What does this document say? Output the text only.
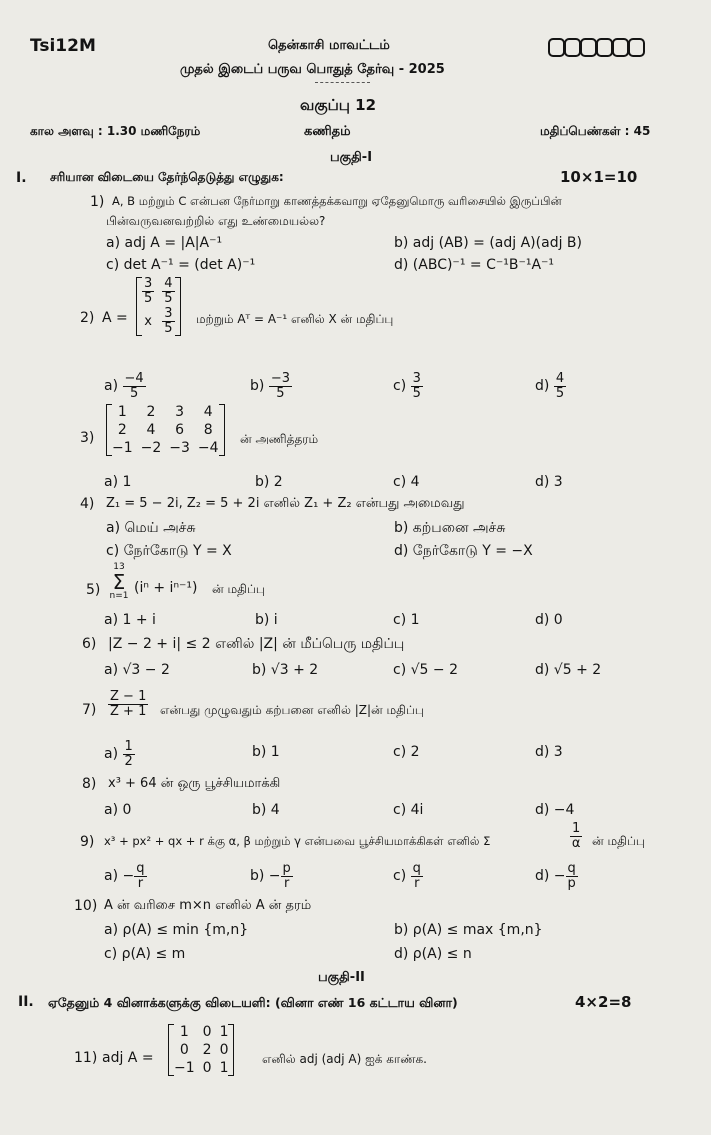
Tsi12M	தென்காசி மாவட்டம்
முதல் இடைப் பருவ பொதுத் தேர்வு - 2025
வகுப்பு 12
கால அளவு : 1.30 மணிநேரம்	கணிதம்	மதிப்பெண்கள் : 45
பகுதி-I
I. சரியான விடையை தேர்ந்தெடுத்து எழுதுக:	10×1=10
1) A, B மற்றும் C என்பன நேர்மாறு காணத்தக்கவாறு ஏதேனுமொரு வரிசையில் இருப்பின்
பின்வருவனவற்றில் எது உண்மையல்ல?
a) adj A = |A|A⁻¹	b) adj (AB) = (adj A)(adj B)
c) det A⁻¹ = (det A)⁻¹	d) (ABC)⁻¹ = C⁻¹B⁻¹A⁻¹
2) A =
$\frac{3}{5} \frac{4}{5}$
x $\frac{3}{5}$ மற்றும் Aᵀ = A⁻¹ எனில் X ன் மதிப்பு
$a) \frac{-4}{5}$	$b) \frac{-3}{5}$	$c) \frac{3}{5}$	$d) \frac{4}{5}$
3)
1	2	3	4
2	4	6	8
−1 −2 −3 −4
ன் அணித்தரம்
a) 1	b) 2	c) 4	d) 3
4) Z₁ = 5 − 2i, Z₂ = 5 + 2i எனில் Z₁ + Z₂ என்பது அமைவது
a) மெய் அச்சு	b) கற்பனை அச்சு
c) நேர்கோடு Y = X	d) நேர்கோடு Y = −X
5)
13
Σ
n=1 (iⁿ + iⁿ⁻¹) ன் மதிப்பு
a) 1 + i	b) i	c) 1	d) 0
6) |Z − 2 + i| ≤ 2 எனில் |Z| ன் மீப்பெரு மதிப்பு
a) √3 − 2	b) √3 + 2	c) √5 − 2	d) √5 + 2
$7) \frac{Z - 1}{Z + 1}$ என்பது முழுவதும் கற்பனை எனில் |Z|ன் மதிப்பு
$a) \frac{1}{2}$	b) 1	c) 2	d) 3
8) x³ + 64 ன் ஒரு பூச்சியமாக்கி
a) 0	b) 4	c) 4i	d) −4
9) x³ + px² + qx + r க்கு α, β மற்றும் γ என்பவை பூச்சியமாக்கிகள் எனில் Σ	$\frac{1}{\alpha}$ ன் மதிப்பு
$a) - \frac{q}{r}$	$b) - \frac{p}{r}$	$c) \frac{q}{r}$	$d) - \frac{q}{p}$
10) A ன் வரிசை m×n எனில் A ன் தரம்
a) ρ(A) ≤ min {m,n}	b) ρ(A) ≤ max {m,n}
c) ρ(A) ≤ m	d) ρ(A) ≤ n
பகுதி-II
II. ஏதேனும் 4 வினாக்களுக்கு விடையளி: (வினா எண் 16 கட்டாய வினா)	4×2=8
11) adj A =
1 0 1
0 2 0
−1 0 1
எனில் adj (adj A) ஐக் காண்க.
